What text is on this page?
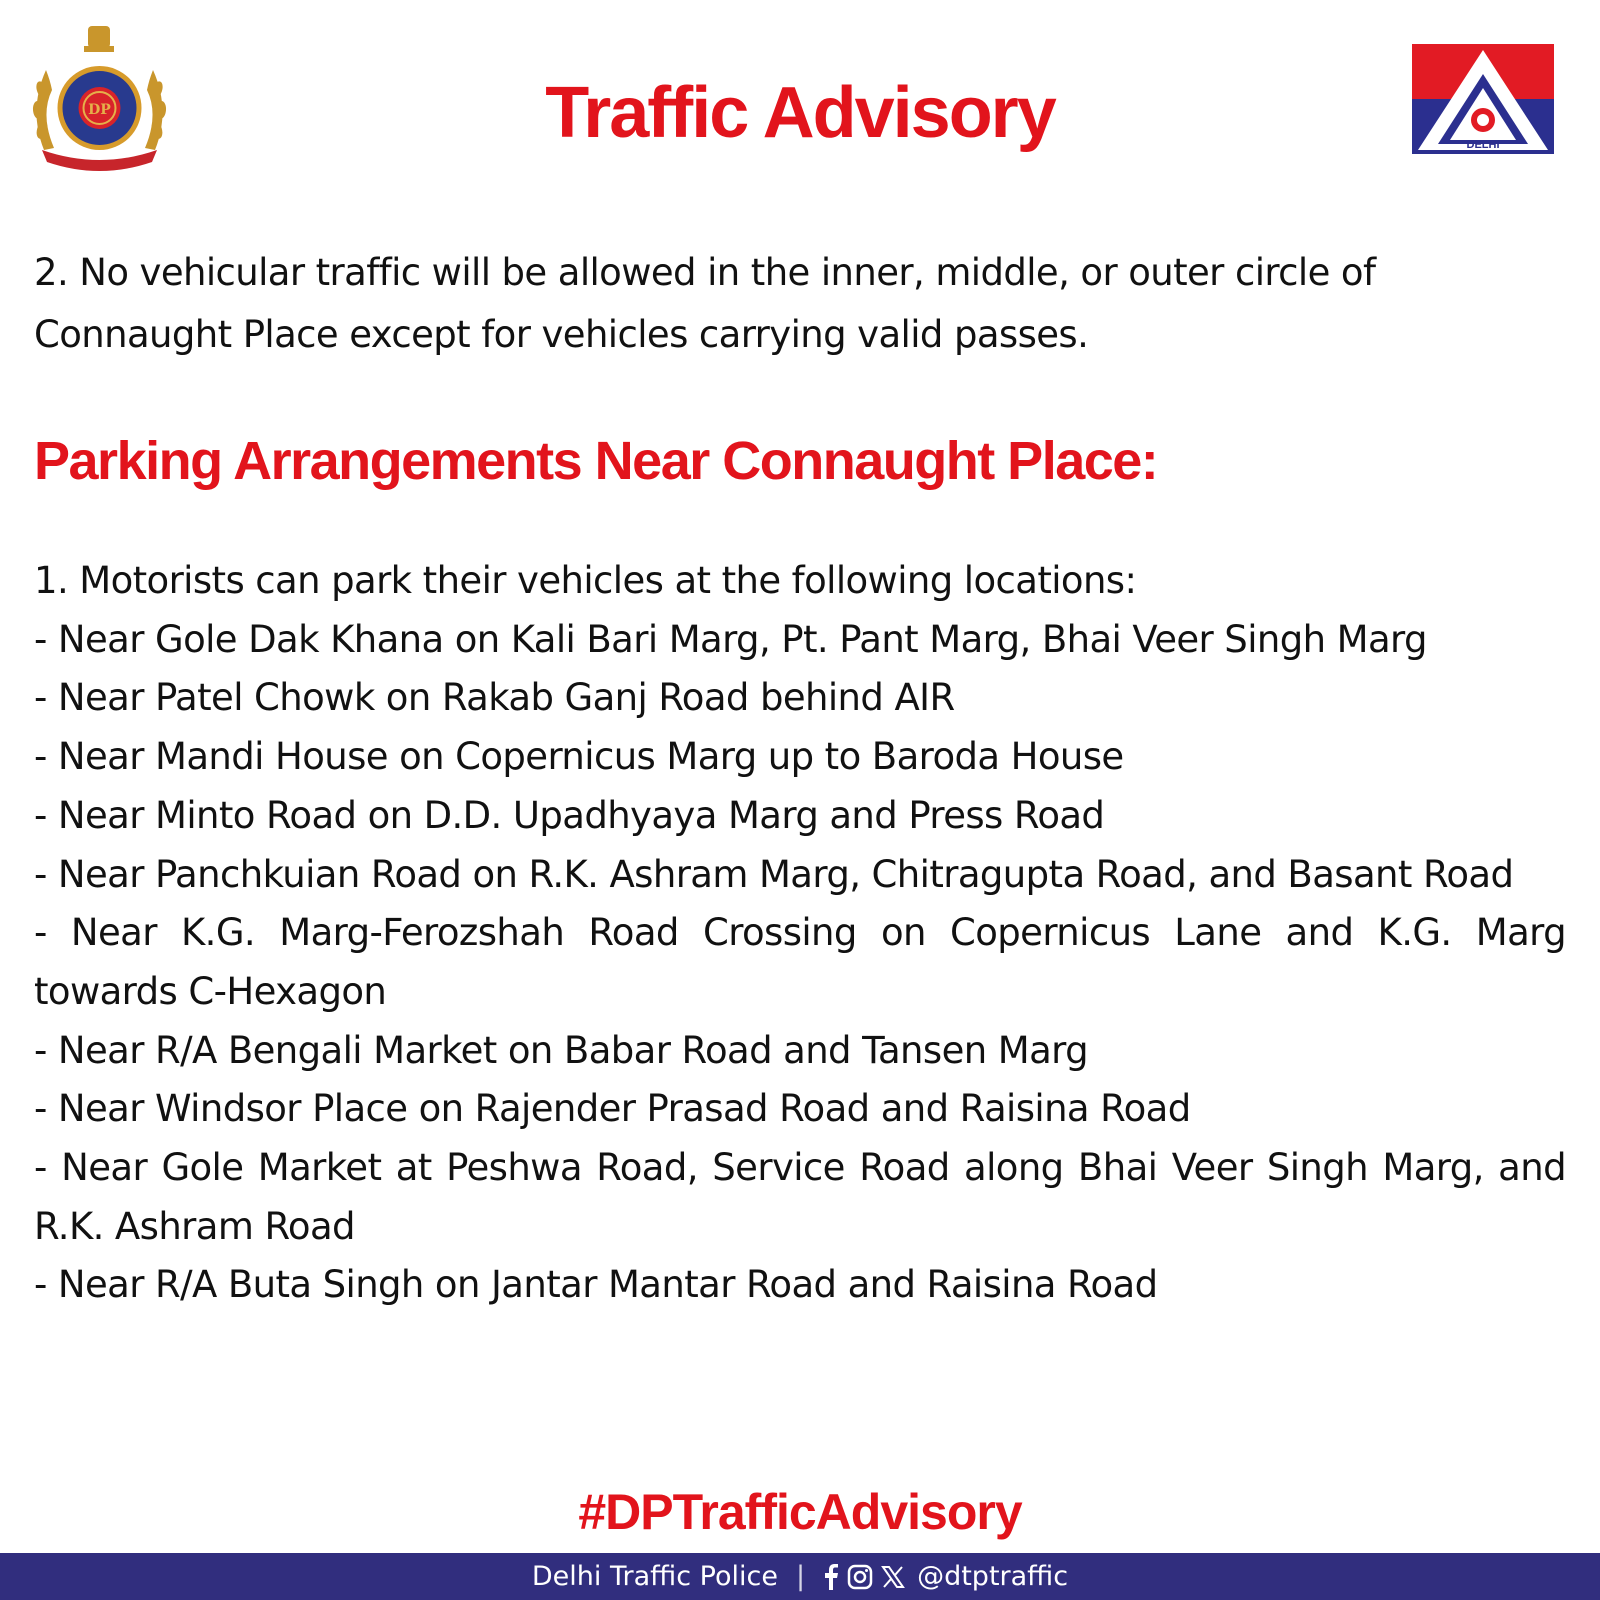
DP	Traffic Advisory	DELHI

2. No vehicular traffic will be allowed in the inner, middle, or outer circle of Connaught Place except for vehicles carrying valid passes.

Parking Arrangements Near Connaught Place:
1. Motorists can park their vehicles at the following locations:
- Near Gole Dak Khana on Kali Bari Marg, Pt. Pant Marg, Bhai Veer Singh Marg
- Near Patel Chowk on Rakab Ganj Road behind AIR
- Near Mandi House on Copernicus Marg up to Baroda House
- Near Minto Road on D.D. Upadhyaya Marg and Press Road
- Near Panchkuian Road on R.K. Ashram Marg, Chitragupta Road, and Basant Road
- Near K.G. Marg-Ferozshah Road Crossing on Copernicus Lane and K.G. Marg towards C-Hexagon
- Near R/A Bengali Market on Babar Road and Tansen Marg
- Near Windsor Place on Rajender Prasad Road and Raisina Road
- Near Gole Market at Peshwa Road, Service Road along Bhai Veer Singh Marg, and R.K. Ashram Road
- Near R/A Buta Singh on Jantar Mantar Road and Raisina Road
#DPTrafficAdvisory
Delhi Traffic Police |	@dtptraffic
